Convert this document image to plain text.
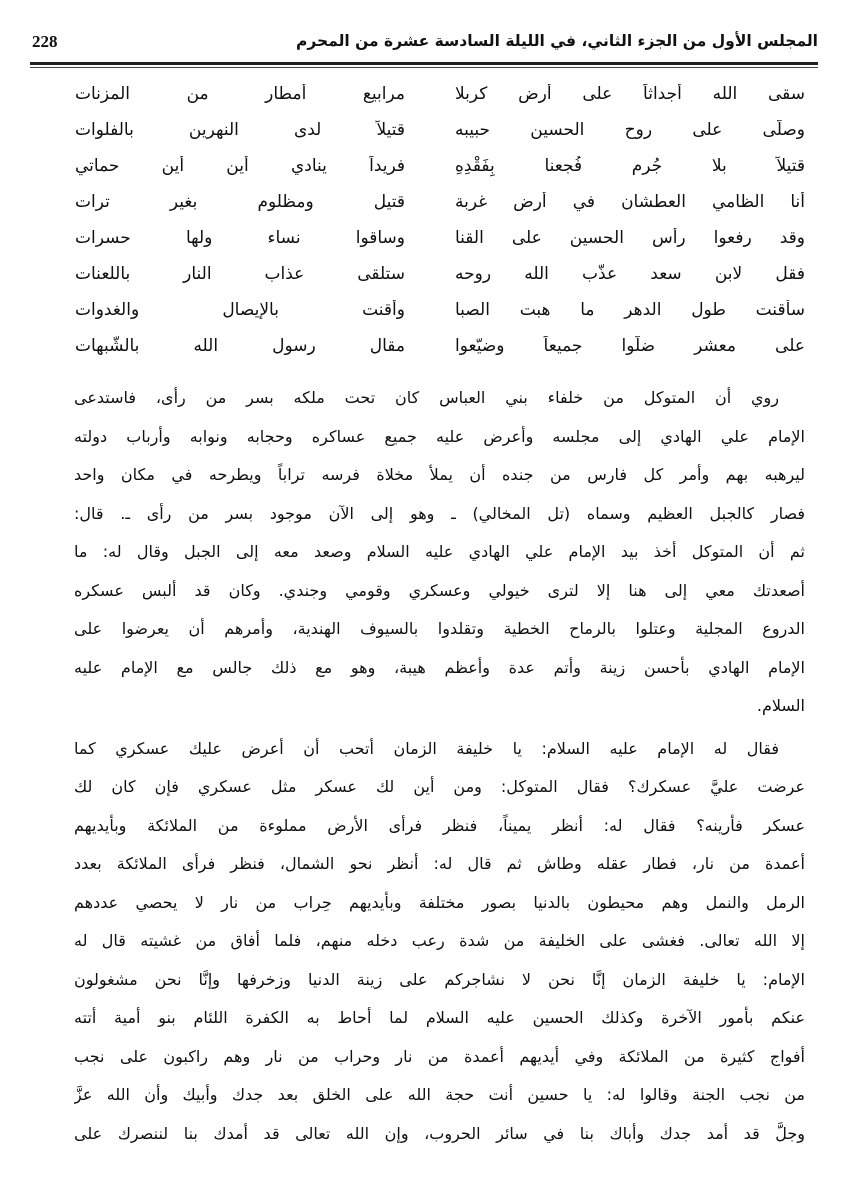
228	المجلس الأول من الجزء الثاني، في الليلة السادسة عشرة من المحرم
سقى الله أجداثاً على أرض كربلا
مرابيع أمطار من المزنات
وصلّى على روح الحسين حبيبه
قتيلاً لدى النهرين بالفلوات
قتيلاً بلا جُرم فُجعنا بِفَقْدِهِ
فريداً ينادي أين أين حماتي
أنا الظامي العطشان في أرض غربة
قتيل ومظلوم بغير ترات
وقد رفعوا رأس الحسين على القنا
وساقوا نساء ولها حسرات
فقل لابن سعد عذَّب الله روحه
ستلقى عذاب النار باللعنات
سأقنت طول الدهر ما هبت الصبا
وأقنت بالإيصال والغدوات
على معشر ضلّوا جميعاً وضيّعوا
مقال رسول الله بالشُّبهات
روي أن المتوكل من خلفاء بني العباس كان تحت ملكه بسر من رأى، فاستدعى
الإمام علي الهادي إلى مجلسه وأعرض عليه جميع عساكره وحجابه ونوابه وأرباب دولته
ليرهبه بهم وأمر كل فارس من جنده أن يملأ مخلاة فرسه تراباً ويطرحه في مكان واحد
فصار كالجبل العظيم وسماه (تل المخالي) ـ وهو إلى الآن موجود بسر من رأى ـ. قال:
ثم أن المتوكل أخذ بيد الإمام علي الهادي عليه السلام وصعد معه إلى الجبل وقال له: ما
أصعدتك معي إلى هنا إلا لترى خيولي وعسكري وقومي وجندي. وكان قد ألبس عسكره
الدروع المجلية وعتلوا بالرماح الخطية وتقلدوا بالسيوف الهندية، وأمرهم أن يعرضوا على
الإمام الهادي بأحسن زينة وأتم عدة وأعظم هيبة، وهو مع ذلك جالس مع الإمام عليه
السلام.
فقال له الإمام عليه السلام: يا خليفة الزمان أتحب أن أعرض عليك عسكري كما
عرضت عليَّ عسكرك؟ فقال المتوكل: ومن أين لك عسكر مثل عسكري فإن كان لك
عسكر فأرينه؟ فقال له: أنظر يميناً، فنظر فرأى الأرض مملوءة من الملائكة وبأيديهم
أعمدة من نار، فطار عقله وطاش ثم قال له: أنظر نحو الشمال، فنظر فرأى الملائكة بعدد
الرمل والنمل وهم محيطون بالدنيا بصور مختلفة وبأيديهم حِراب من نار لا يحصي عددهم
إلا الله تعالى. فغشى على الخليفة من شدة رعب دخله منهم، فلما أفاق من غشيته قال له
الإمام: يا خليفة الزمان إنَّا نحن لا نشاجركم على زينة الدنيا وزخرفها وإنَّا نحن مشغولون
عنكم بأمور الآخرة وكذلك الحسين عليه السلام لما أحاط به الكفرة اللئام بنو أمية أتته
أفواج كثيرة من الملائكة وفي أيديهم أعمدة من نار وحراب من نار وهم راكبون على نجب
من نجب الجنة وقالوا له: يا حسين أنت حجة الله على الخلق بعد جدك وأبيك وأن الله عزَّ
وجلَّ قد أمد جدك وأباك بنا في سائر الحروب، وإن الله تعالى قد أمدك بنا لننصرك على
